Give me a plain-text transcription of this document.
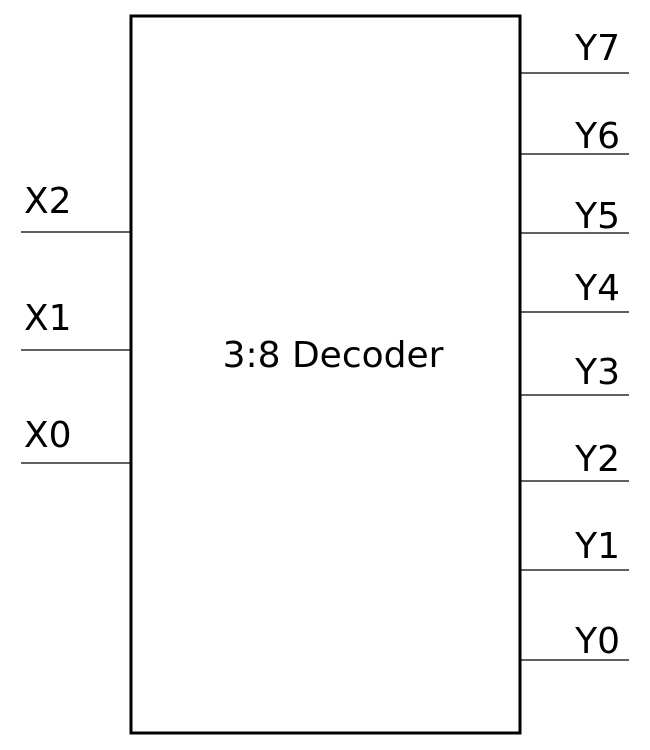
3:8 Decoder
X2
X1
X0
Y7
Y6
Y5
Y4
Y3
Y2
Y1
Y0
